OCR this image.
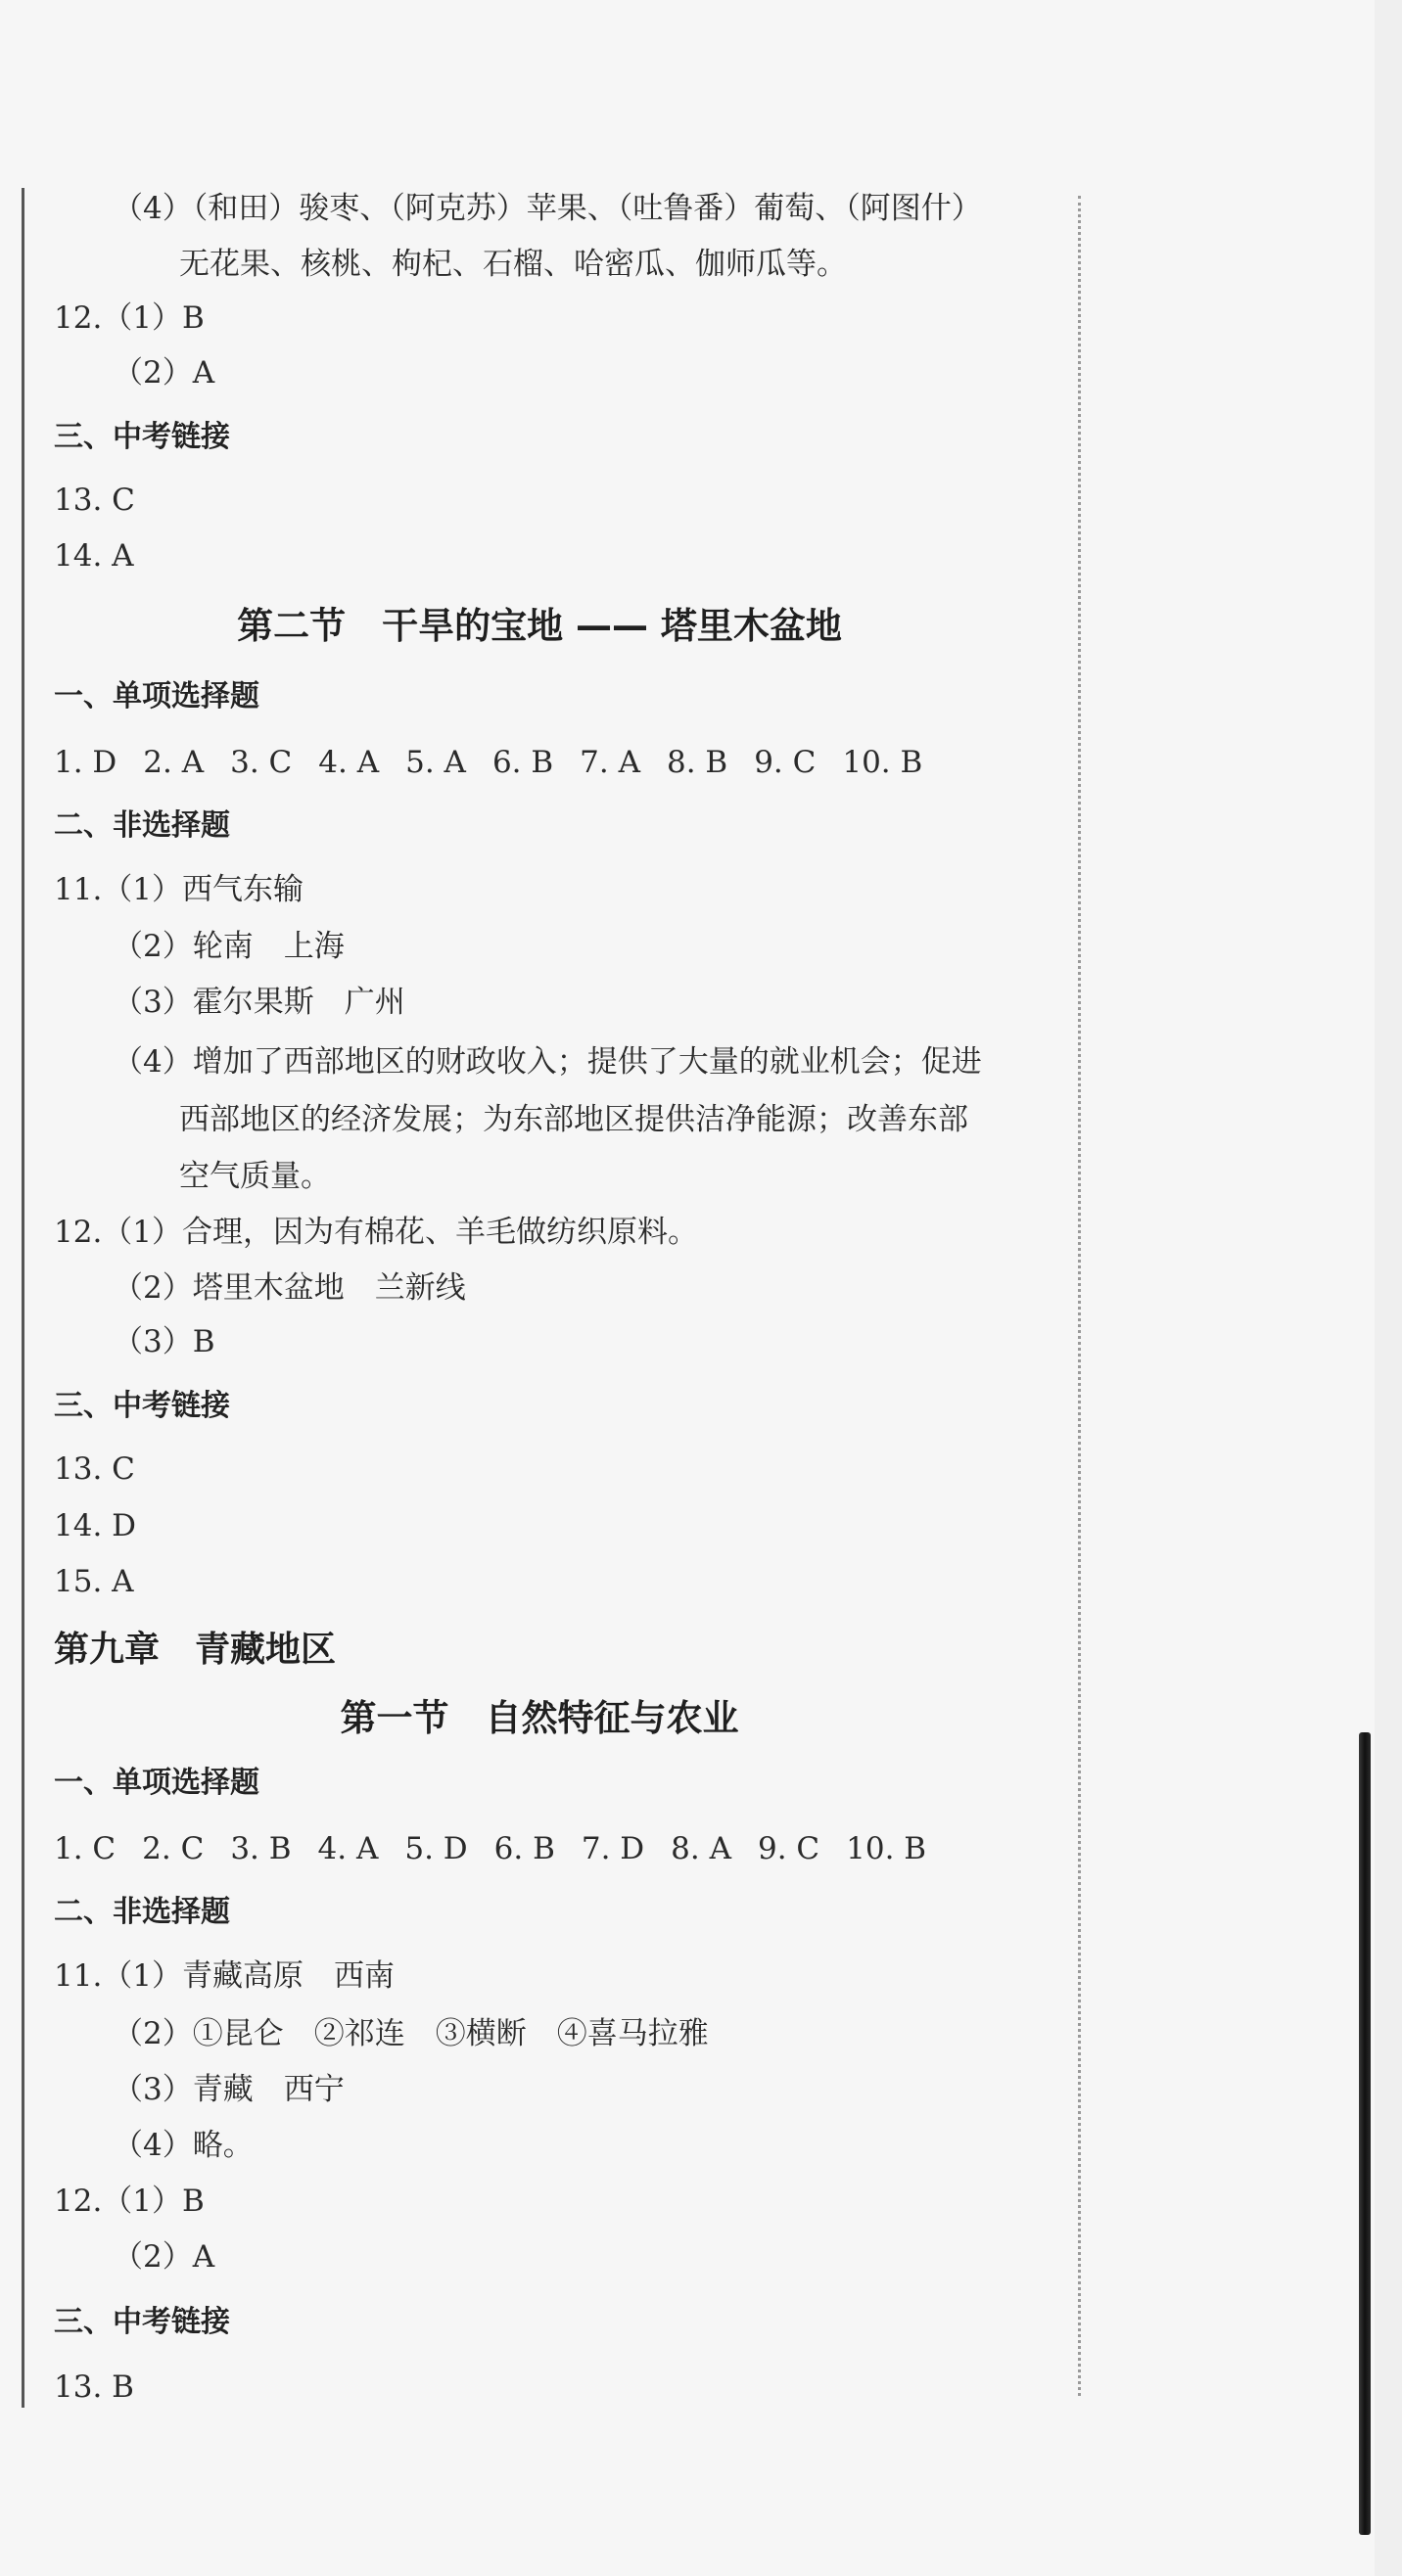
（4）（和田）骏枣、（阿克苏）苹果、（吐鲁番）葡萄、（阿图什）
无花果、核桃、枸杞、石榴、哈密瓜、伽师瓜等。
12.（1）B
（2）A
三、中考链接
13. C
14. A
第二节　干旱的宝地 —— 塔里木盆地
一、单项选择题
1. D 2. A 3. C 4. A 5. A 6. B 7. A 8. B 9. C 10. B
二、非选择题
11.（1）西气东输
（2）轮南　上海
（3）霍尔果斯　广州
（4）增加了西部地区的财政收入；提供了大量的就业机会；促进
西部地区的经济发展；为东部地区提供洁净能源；改善东部
空气质量。
12.（1）合理，因为有棉花、羊毛做纺织原料。
（2）塔里木盆地　兰新线
（3）B
三、中考链接
13. C
14. D
15. A
第九章　青藏地区
第一节　自然特征与农业
一、单项选择题
1. C 2. C 3. B 4. A 5. D 6. B 7. D 8. A 9. C 10. B
二、非选择题
11.（1）青藏高原　西南
（2）①昆仑　②祁连　③横断　④喜马拉雅
（3）青藏　西宁
（4）略。
12.（1）B
（2）A
三、中考链接
13. B
